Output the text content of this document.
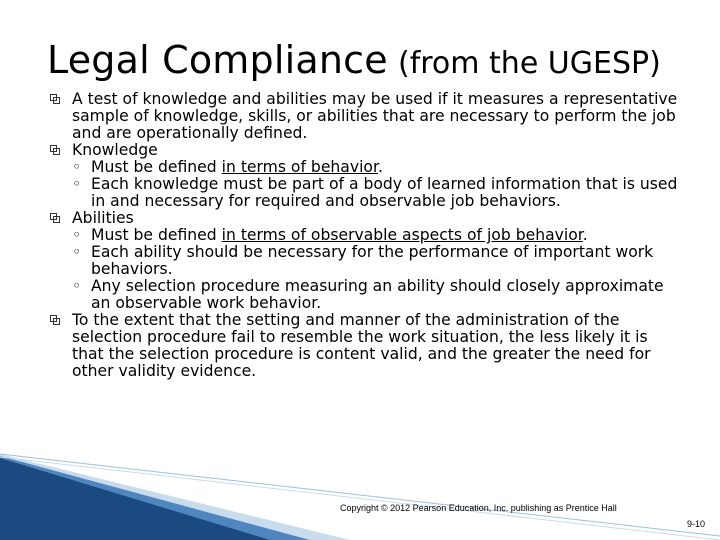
Legal Compliance (from the UGESP)
A test of knowledge and abilities may be used if it measures a representative sample of knowledge, skills, or abilities that are necessary to perform the job and are operationally defined.
Knowledge
◦ Must be defined in terms of behavior.
◦ Each knowledge must be part of a body of learned information that is used in and necessary for required and observable job behaviors.
Abilities
◦ Must be defined in terms of observable aspects of job behavior.
◦ Each ability should be necessary for the performance of important work behaviors.
◦ Any selection procedure measuring an ability should closely approximate an observable work behavior.
To the extent that the setting and manner of the administration of the selection procedure fail to resemble the work situation, the less likely it is that the selection procedure is content valid, and the greater the need for other validity evidence.
Copyright © 2012 Pearson Education, Inc. publishing as Prentice Hall
9-10
